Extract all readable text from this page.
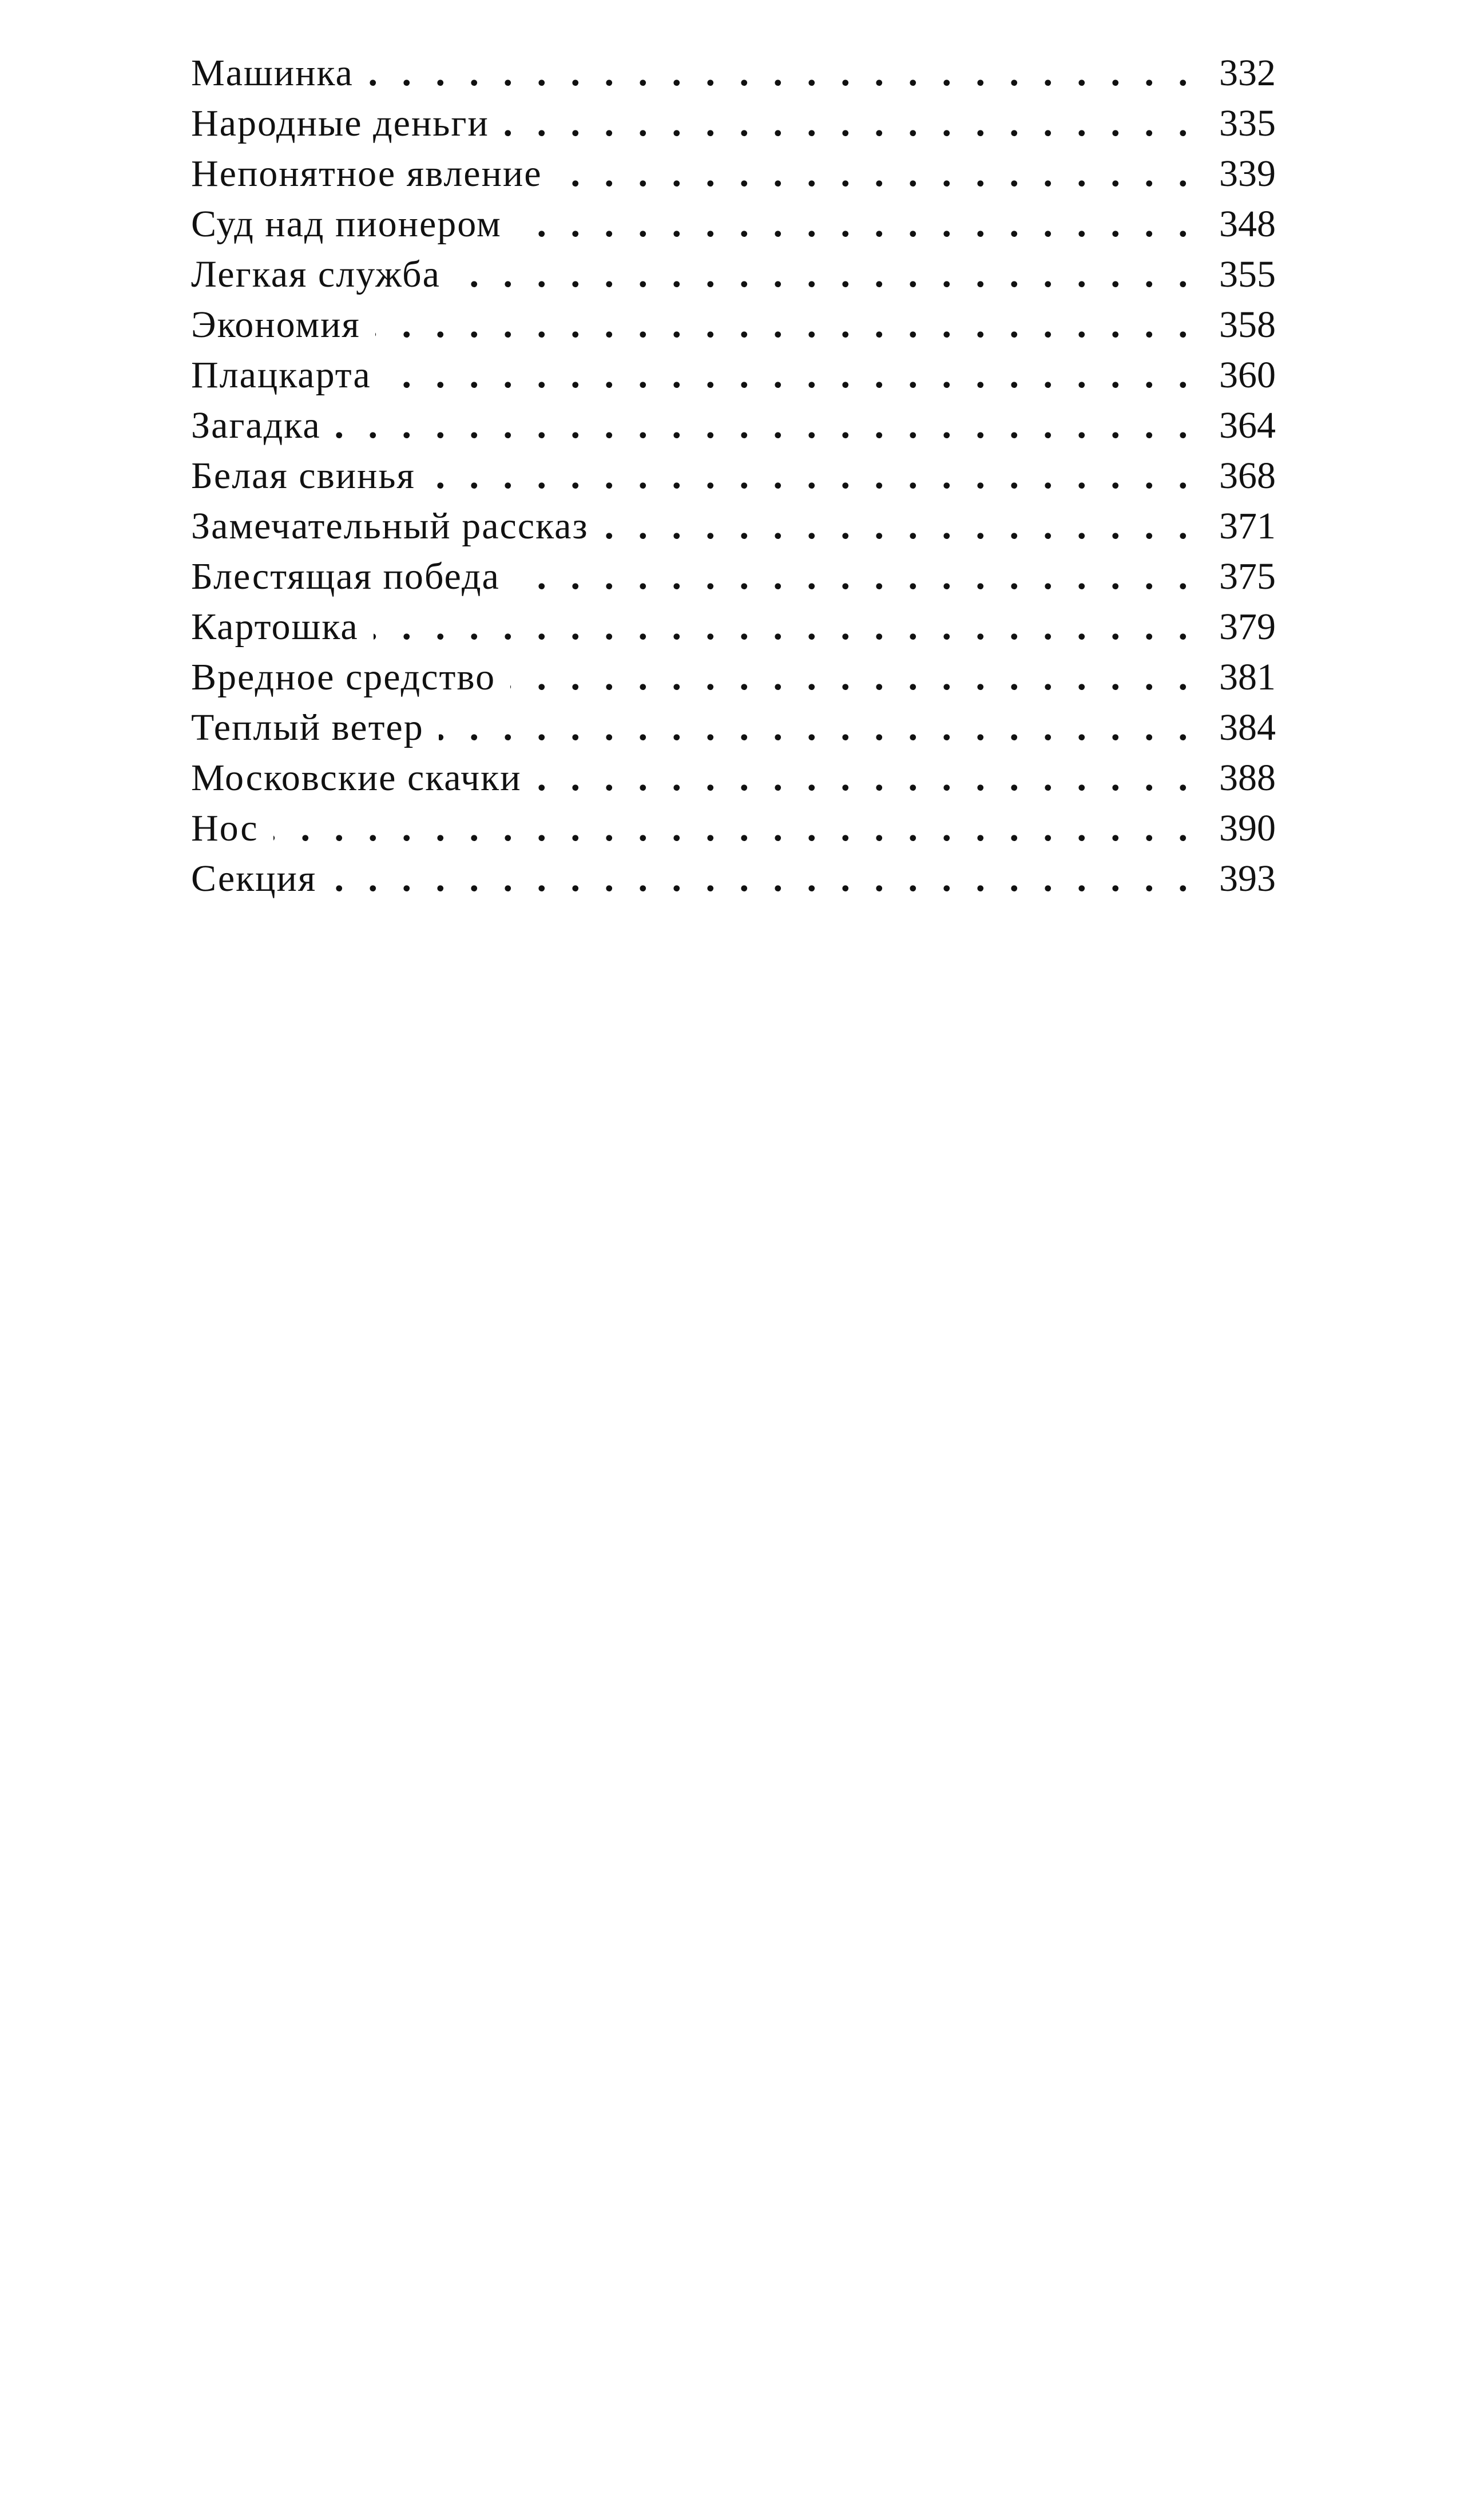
Машинка . . .	332
Народные деньги . . .	335
Непонятное явление . . .	339
Суд над пионером . . .	348
Легкая служба . . .	355
Экономия . . .	358
Плацкарта . . .	360
Загадка . . .	364
Белая свинья . . .	368
Замечательный рассказ . . .	371
Блестящая победа . . .	375
Картошка . . .	379
Вредное средство . . .	381
Теплый ветер . . .	384
Московские скачки . . .	388
Нос . . .	390
Секция . . .	393
